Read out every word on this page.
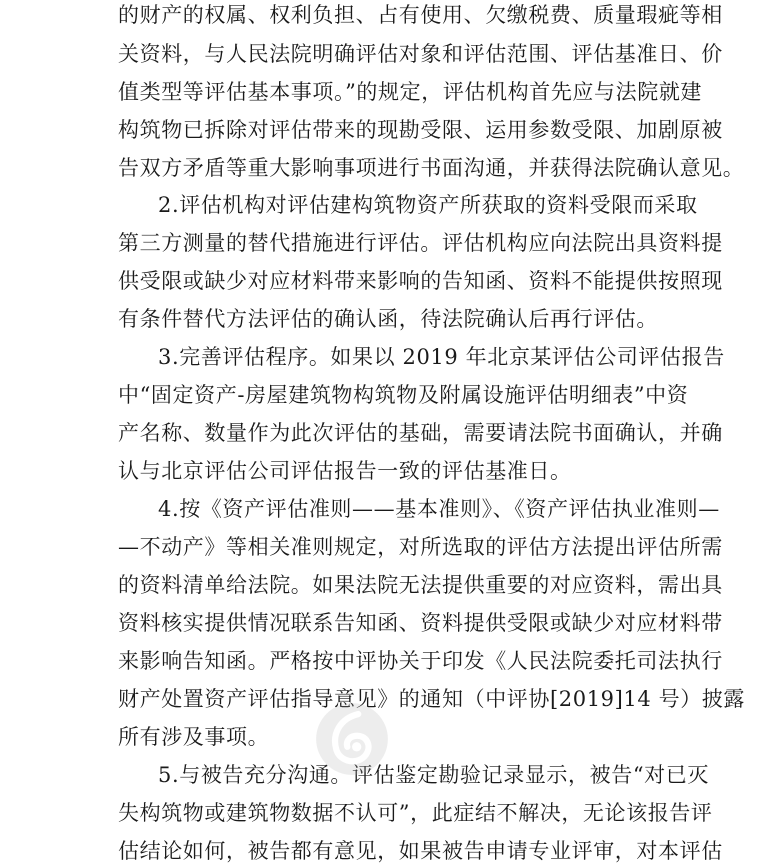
的财产的权属、权利负担、占有使用、欠缴税费、质量瑕疵等相
关资料，与人民法院明确评估对象和评估范围、评估基准日、价
值类型等评估基本事项。”的规定，评估机构首先应与法院就建
构筑物已拆除对评估带来的现勘受限、运用参数受限、加剧原被
告双方矛盾等重大影响事项进行书面沟通，并获得法院确认意见。
2.评估机构对评估建构筑物资产所获取的资料受限而采取
第三方测量的替代措施进行评估。评估机构应向法院出具资料提
供受限或缺少对应材料带来影响的告知函、资料不能提供按照现
有条件替代方法评估的确认函，待法院确认后再行评估。
3.完善评估程序。如果以 2019 年北京某评估公司评估报告
中“固定资产-房屋建筑物构筑物及附属设施评估明细表”中资
产名称、数量作为此次评估的基础，需要请法院书面确认，并确
认与北京评估公司评估报告一致的评估基准日。
4.按《资产评估准则——基本准则》、《资产评估执业准则—
—不动产》等相关准则规定，对所选取的评估方法提出评估所需
的资料清单给法院。如果法院无法提供重要的对应资料，需出具
资料核实提供情况联系告知函、资料提供受限或缺少对应材料带
来影响告知函。严格按中评协关于印发《人民法院委托司法执行
财产处置资产评估指导意见》的通知（中评协[2019]14 号）披露
所有涉及事项。
5.与被告充分沟通。评估鉴定勘验记录显示，被告“对已灭
失构筑物或建筑物数据不认可”，此症结不解决，无论该报告评
估结论如何，被告都有意见，如果被告申请专业评审，对本评估
